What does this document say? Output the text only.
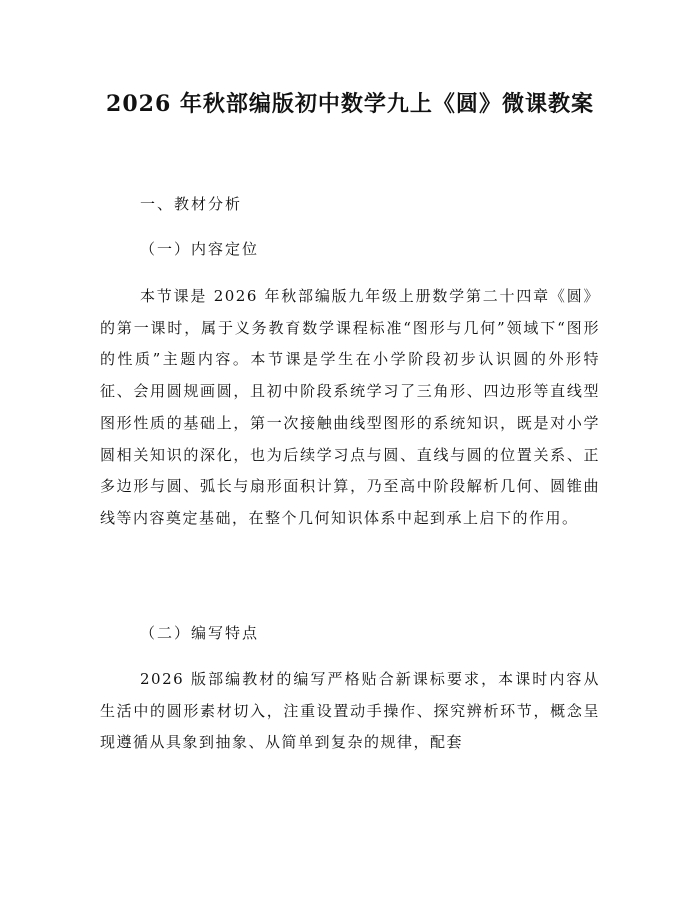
2026 年秋部编版初中数学九上《圆》微课教案

一、教材分析

（一）内容定位

本节课是 2026 年秋部编版九年级上册数学第二十四章《圆》的第一课时，属于义务教育数学课程标准“图形与几何”领域下“图形的性质”主题内容。本节课是学生在小学阶段初步认识圆的外形特征、会用圆规画圆，且初中阶段系统学习了三角形、四边形等直线型图形性质的基础上，第一次接触曲线型图形的系统知识，既是对小学圆相关知识的深化，也为后续学习点与圆、直线与圆的位置关系、正多边形与圆、弧长与扇形面积计算，乃至高中阶段解析几何、圆锥曲线等内容奠定基础，在整个几何知识体系中起到承上启下的作用。

（二）编写特点

2026 版部编教材的编写严格贴合新课标要求，本课时内容从生活中的圆形素材切入，注重设置动手操作、探究辨析环节，概念呈现遵循从具象到抽象、从简单到复杂的规律，配套
